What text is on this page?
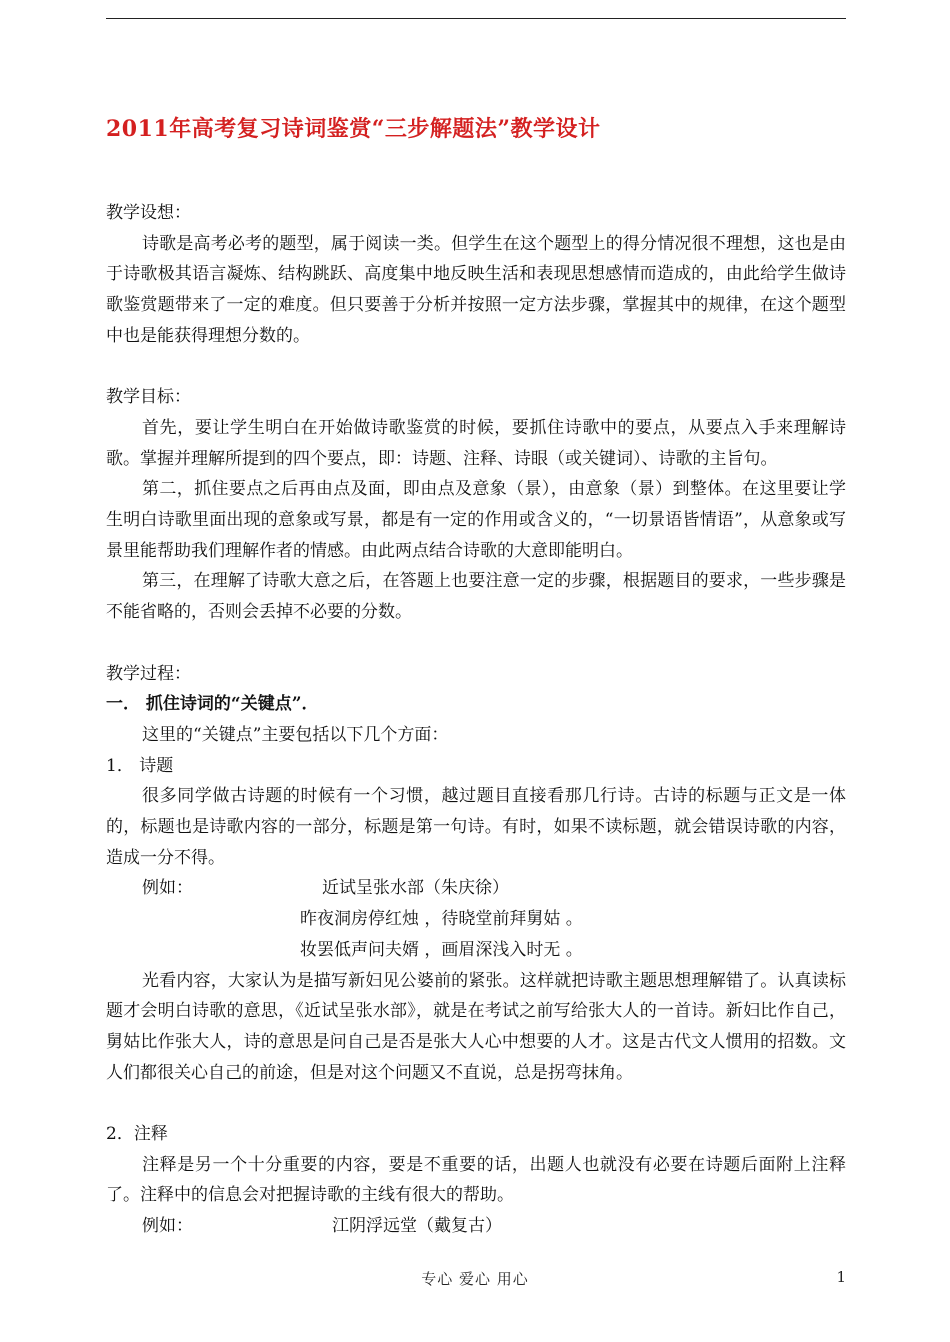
2011年高考复习诗词鉴赏“三步解题法”教学设计

教学设想：

诗歌是高考必考的题型，属于阅读一类。但学生在这个题型上的得分情况很不理想，这也是由于诗歌极其语言凝炼、结构跳跃、高度集中地反映生活和表现思想感情而造成的，由此给学生做诗歌鉴赏题带来了一定的难度。但只要善于分析并按照一定方法步骤，掌握其中的规律，在这个题型中也是能获得理想分数的。

教学目标：

首先，要让学生明白在开始做诗歌鉴赏的时候，要抓住诗歌中的要点，从要点入手来理解诗歌。掌握并理解所提到的四个要点，即：诗题、注释、诗眼（或关键词）、诗歌的主旨句。

第二，抓住要点之后再由点及面，即由点及意象（景），由意象（景）到整体。在这里要让学生明白诗歌里面出现的意象或写景，都是有一定的作用或含义的，“一切景语皆情语”，从意象或写景里能帮助我们理解作者的情感。由此两点结合诗歌的大意即能明白。

第三，在理解了诗歌大意之后，在答题上也要注意一定的步骤，根据题目的要求，一些步骤是不能省略的，否则会丢掉不必要的分数。

教学过程：

一． 抓住诗词的“关键点”．

这里的“关键点”主要包括以下几个方面：

1． 诗题

很多同学做古诗题的时候有一个习惯，越过题目直接看那几行诗。古诗的标题与正文是一体的，标题也是诗歌内容的一部分，标题是第一句诗。有时，如果不读标题，就会错误诗歌的内容，造成一分不得。

例如：	近试呈张水部（朱庆徐）

昨夜洞房停红烛 ，待晓堂前拜舅姑 。

妆罢低声问夫婿 ，画眉深浅入时无 。

光看内容，大家认为是描写新妇见公婆前的紧张。这样就把诗歌主题思想理解错了。认真读标题才会明白诗歌的意思，《近试呈张水部》，就是在考试之前写给张大人的一首诗。新妇比作自己，舅姑比作张大人，诗的意思是问自己是否是张大人心中想要的人才。这是古代文人惯用的招数。文人们都很关心自己的前途，但是对这个问题又不直说，总是拐弯抹角。

2．注释

注释是另一个十分重要的内容，要是不重要的话，出题人也就没有必要在诗题后面附上注释了。注释中的信息会对把握诗歌的主线有很大的帮助。

例如：	江阴浮远堂（戴复古）

专心 爱心 用心	1
